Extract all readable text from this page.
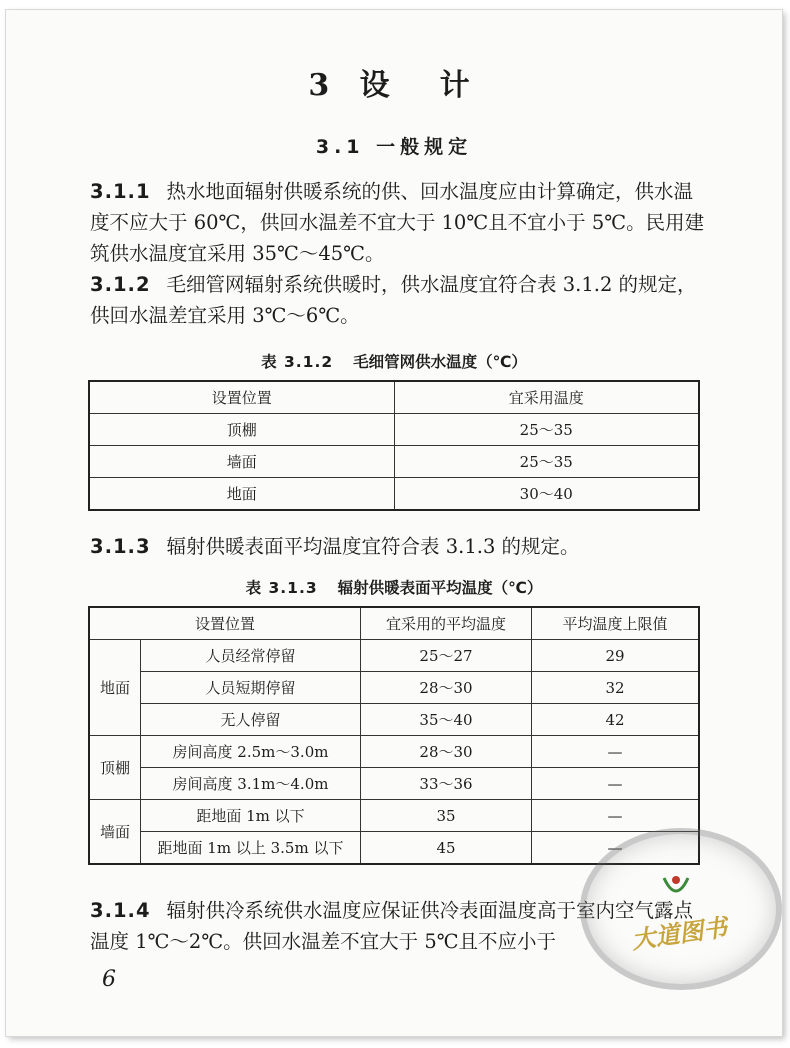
3 设　计
3.1 一般规定
3.1.1 热水地面辐射供暖系统的供、回水温度应由计算确定，供水温度不应大于 60℃，供回水温差不宜大于 10℃且不宜小于 5℃。民用建筑供水温度宜采用 35℃～45℃。
3.1.2 毛细管网辐射系统供暖时，供水温度宜符合表 3.1.2 的规定，供回水温差宜采用 3℃～6℃。
表 3.1.2 毛细管网供水温度（℃）
设置位置	宜采用温度
顶棚	25～35
墙面	25～35
地面	30～40
3.1.3 辐射供暖表面平均温度宜符合表 3.1.3 的规定。
表 3.1.3 辐射供暖表面平均温度（℃）
设置位置		宜采用的平均温度	平均温度上限值
地面	人员经常停留	25～27	29
	人员短期停留	28～30	32
	无人停留	35～40	42
顶棚	房间高度 2.5m～3.0m	28～30	—
	房间高度 3.1m～4.0m	33～36	—
墙面	距地面 1m 以下	35	—
	距地面 1m 以上 3.5m 以下	45	—
3.1.4 辐射供冷系统供水温度应保证供冷表面温度高于室内空气露点温度 1℃～2℃。供回水温差不宜大于 5℃且不应小于
6
大道图书
